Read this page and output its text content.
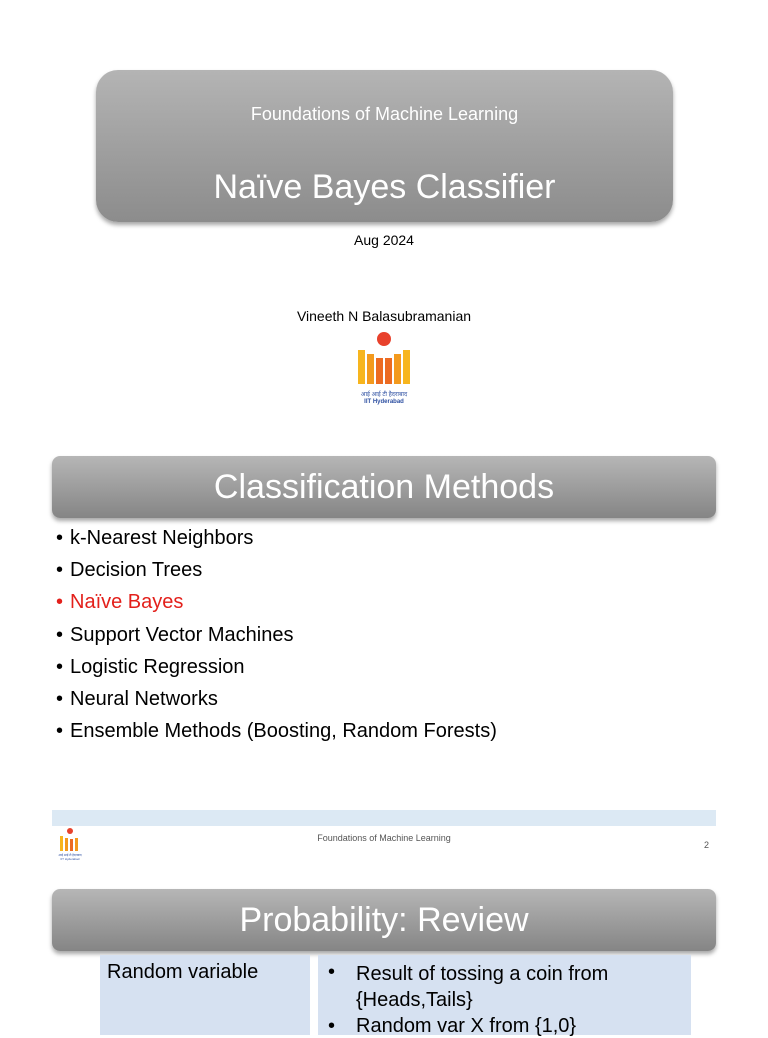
Foundations of Machine Learning
Naïve Bayes Classifier
Aug 2024
Vineeth N Balasubramanian
आई आई टी हैदराबाद
IIT Hyderabad
Classification Methods
• k-Nearest Neighbors
• Decision Trees
• Naïve Bayes
• Support Vector Machines
• Logistic Regression
• Neural Networks
• Ensemble Methods (Boosting, Random Forests)
आई आई टी हैदराबाद
IIT Hyderabad
Foundations of Machine Learning
2
Probability: Review
Random variable	• Result of tossing a coin from {Heads,Tails}
• Random var X from {1,0}
